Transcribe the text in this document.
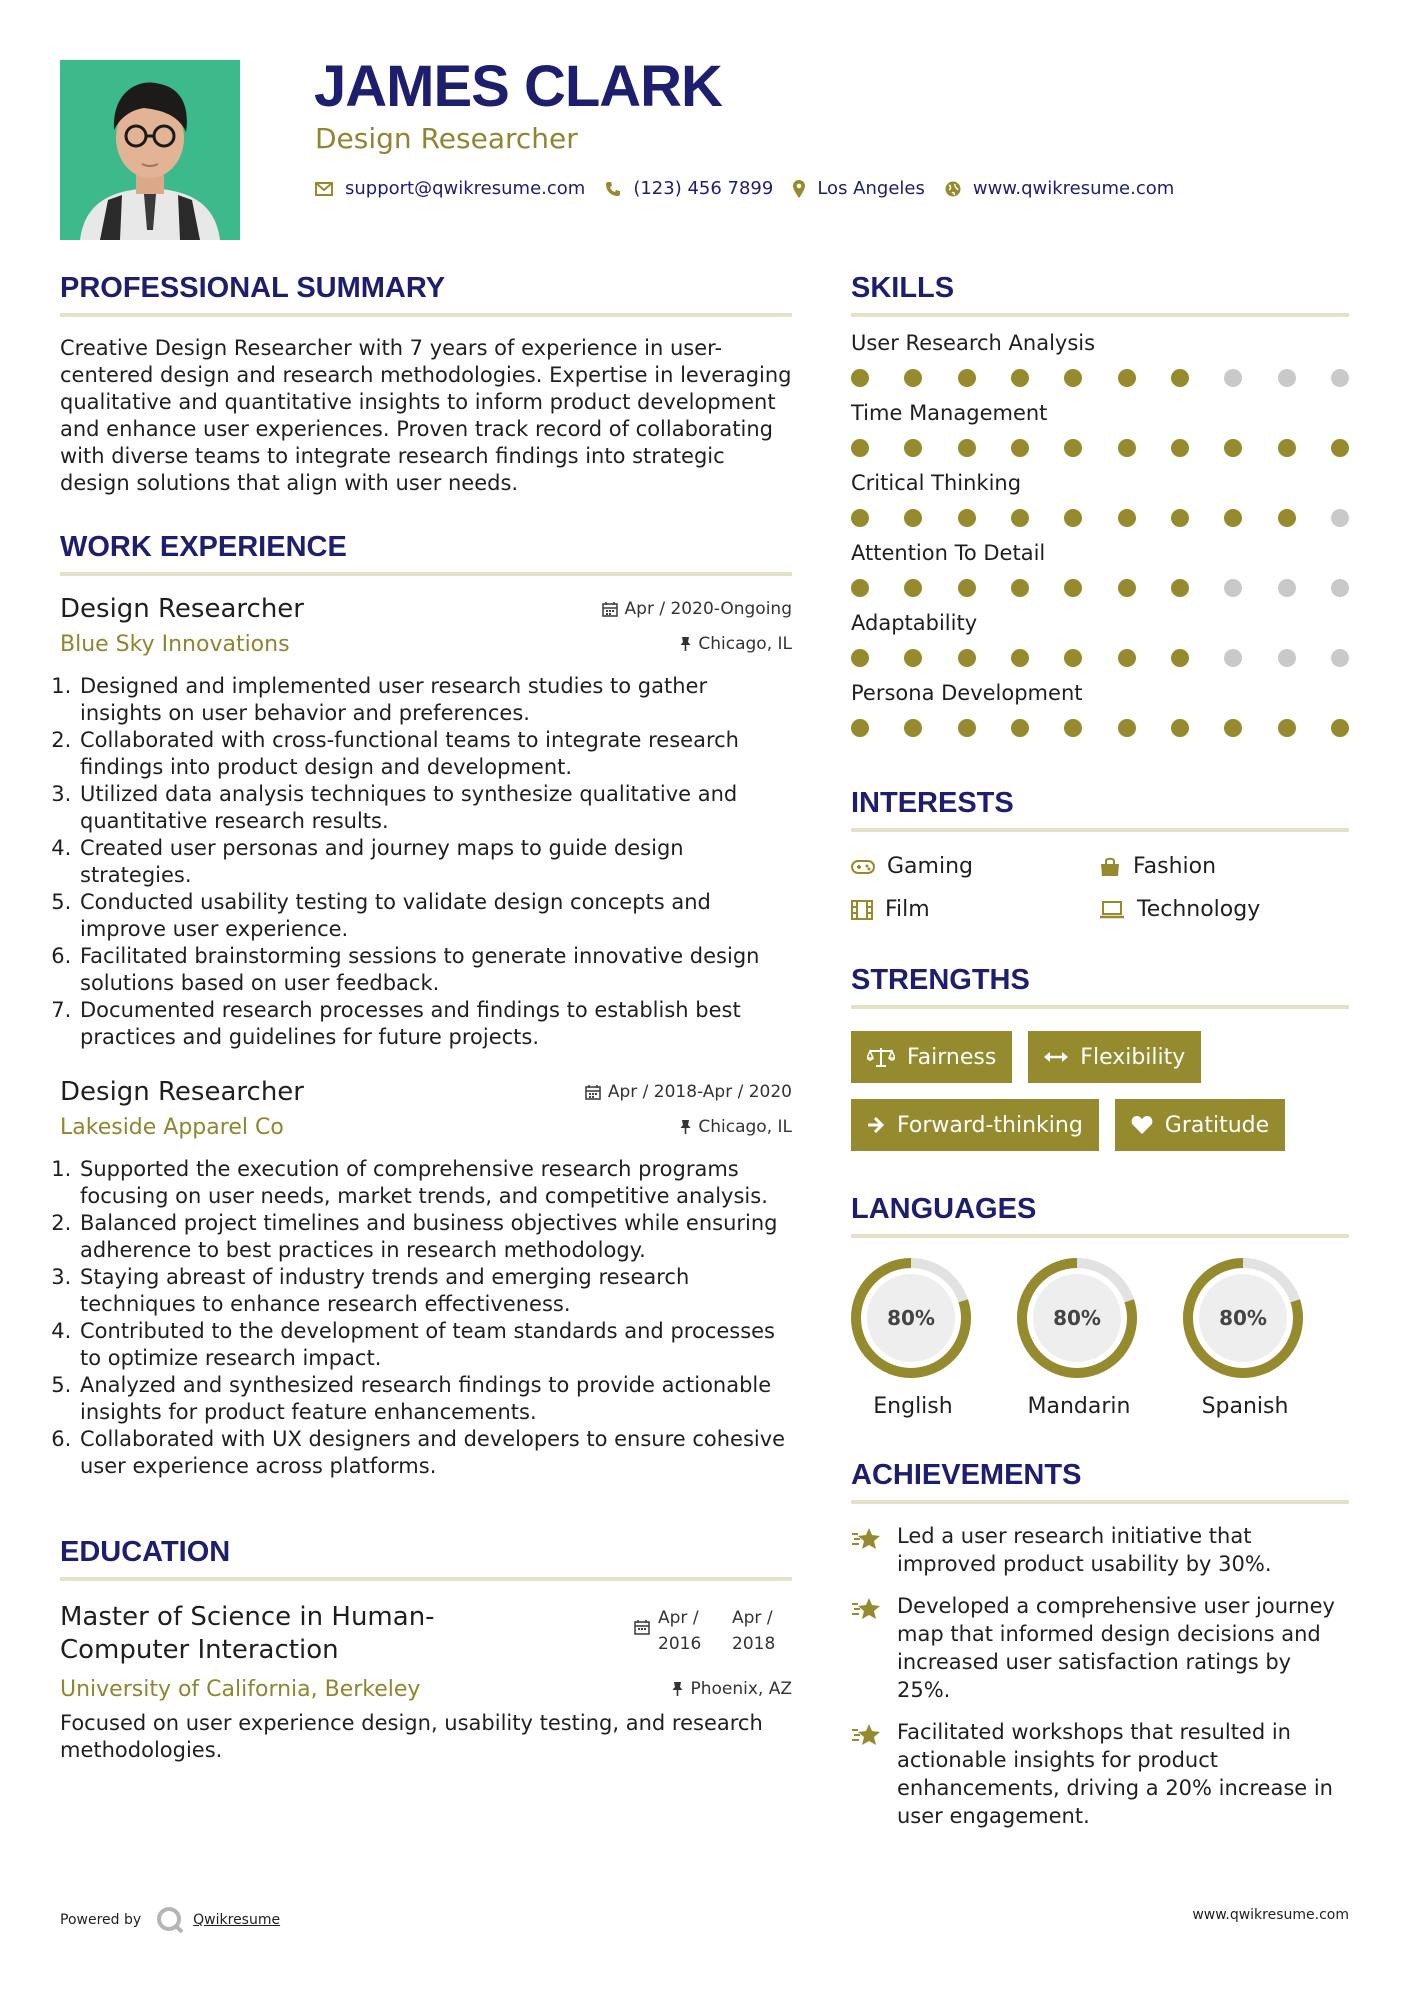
JAMES CLARK
Design Researcher
support@qwikresume.com	(123) 456 7899 Los Angeles	www.qwikresume.com
PROFESSIONAL SUMMARY

Creative Design Researcher with 7 years of experience in user-centered design and research methodologies. Expertise in leveraging qualitative and quantitative insights to inform product development and enhance user experiences. Proven track record of collaborating with diverse teams to integrate research findings into strategic design solutions that align with user needs.

WORK EXPERIENCE
Design Researcher	Apr / 2020-Ongoing
Blue Sky Innovations	Chicago, IL
1. Designed and implemented user research studies to gather insights on user behavior and preferences.
2. Collaborated with cross-functional teams to integrate research findings into product design and development.
3. Utilized data analysis techniques to synthesize qualitative and quantitative research results.
4. Created user personas and journey maps to guide design strategies.
5. Conducted usability testing to validate design concepts and improve user experience.
6. Facilitated brainstorming sessions to generate innovative design solutions based on user feedback.
7. Documented research processes and findings to establish best practices and guidelines for future projects.
Design Researcher	Apr / 2018-Apr / 2020
Lakeside Apparel Co	Chicago, IL
1. Supported the execution of comprehensive research programs focusing on user needs, market trends, and competitive analysis.
2. Balanced project timelines and business objectives while ensuring adherence to best practices in research methodology.
3. Staying abreast of industry trends and emerging research techniques to enhance research effectiveness.
4. Contributed to the development of team standards and processes to optimize research impact.
5. Analyzed and synthesized research findings to provide actionable insights for product feature enhancements.
6. Collaborated with UX designers and developers to ensure cohesive user experience across platforms.
EDUCATION
Master of Science in Human-Computer Interaction
Apr / 2016
Apr / 2018
University of California, Berkeley	Phoenix, AZ
Focused on user experience design, usability testing, and research methodologies.
SKILLS
User Research Analysis
Time Management
Critical Thinking
Attention To Detail
Adaptability
Persona Development
INTERESTS
Gaming	Fashion
Film	Technology
STRENGTHS
Fairness	Flexibility
Forward-thinking	Gratitude
LANGUAGES
80%
English
80%
Mandarin
80%
Spanish
ACHIEVEMENTS
Led a user research initiative that improved product usability by 30%.
Developed a comprehensive user journey map that informed design decisions and increased user satisfaction ratings by 25%.
Facilitated workshops that resulted in actionable insights for product enhancements, driving a 20% increase in user engagement.
Powered by	Qwikresume	www.qwikresume.com
